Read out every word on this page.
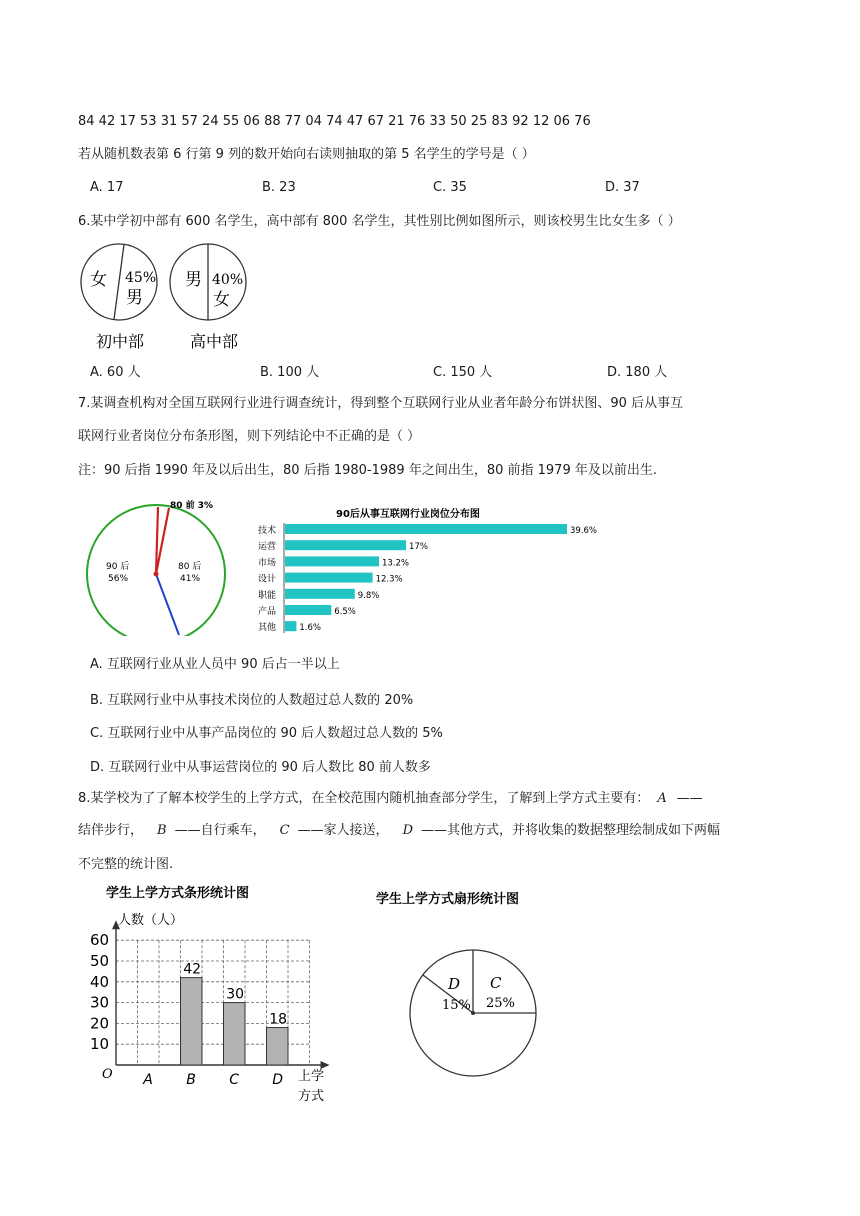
84 42 17 53 31 57 24 55 06 88 77 04 74 47 67 21 76 33 50 25 83 92 12 06 76
若从随机数表第 6 行第 9 列的数开始向右读则抽取的第 5 名学生的学号是（ ）
A. 17	B. 23	C. 35	D. 37
6.某中学初中部有 600 名学生，高中部有 800 名学生，其性别比例如图所示，则该校男生比女生多（ ）
女 45%
男
初中部
男 40%
女
高中部
A. 60 人	B. 100 人	C. 150 人	D. 180 人
7.某调查机构对全国互联网行业进行调查统计，得到整个互联网行业从业者年龄分布饼状图、90 后从事互
联网行业者岗位分布条形图，则下列结论中不正确的是（ ）
注：90 后指 1990 年及以后出生，80 后指 1980-1989 年之间出生，80 前指 1979 年及以前出生.
80 前 3%
90 后
56%
80 后
41%
90后从事互联网行业岗位分布图
技术	39.6%
运营	17%
市场	13.2%
设计	12.3%
职能	9.8%
产品	6.5%
其他	1.6%
A. 互联网行业从业人员中 90 后占一半以上
B. 互联网行业中从事技术岗位的人数超过总人数的 20%
C. 互联网行业中从事产品岗位的 90 后人数超过总人数的 5%
D. 互联网行业中从事运营岗位的 90 后人数比 80 前人数多
8.某学校为了了解本校学生的上学方式，在全校范围内随机抽查部分学生，了解到上学方式主要有： A ——
结伴步行， B ——自行乘车， C ——家人接送， D ——其他方式，并将收集的数据整理绘制成如下两幅
不完整的统计图.
学生上学方式条形统计图
人数（人）
10
20
30
40
50
60
A B
42
C
30
D
18
O	上学
方式
学生上学方式扇形统计图
D
15%
C
25%
